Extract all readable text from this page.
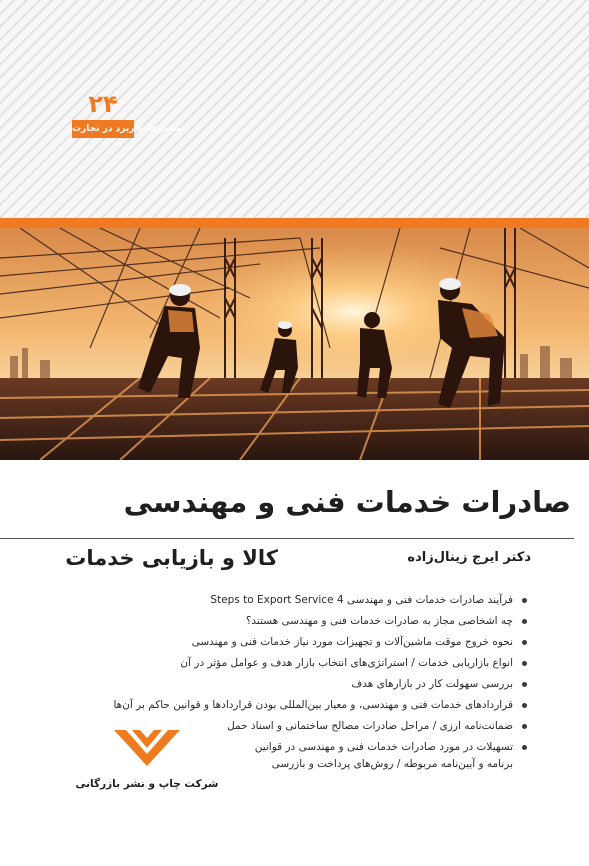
۲۴
مجموعه کاربرد در تجارت
صادرات خدمات فنی و مهندسی
کالا و بازیابی خدمات	دکتر ایرج زینال‌زاده
فرآیند صادرات خدمات فنی و مهندسی Steps to Export Service 4
چه اشخاصی مجاز به صادرات خدمات فنی و مهندسی هستند؟
نحوه خروج موقت ماشین‌آلات و تجهیزات مورد نیاز خدمات فنی و مهندسی
انواع بازاریابی خدمات / استراتژی‌های انتخاب بازار هدف و عوامل مؤثر در آن
بررسی سهولت کار در بازارهای هدف
قراردادهای خدمات فنی و مهندسی، و معیار بین‌المللی بودن قراردادها و قوانین حاکم بر آن‌ها
ضمانت‌نامه ارزی / مراحل صادرات مصالح ساختمانی و اسناد حمل
تسهیلات در مورد صادرات خدمات فنی و مهندسی در قوانین
برنامه و آیین‌نامه مربوطه / روش‌های پرداخت و بازرسی
شرکت چاپ و نشر بازرگانی
